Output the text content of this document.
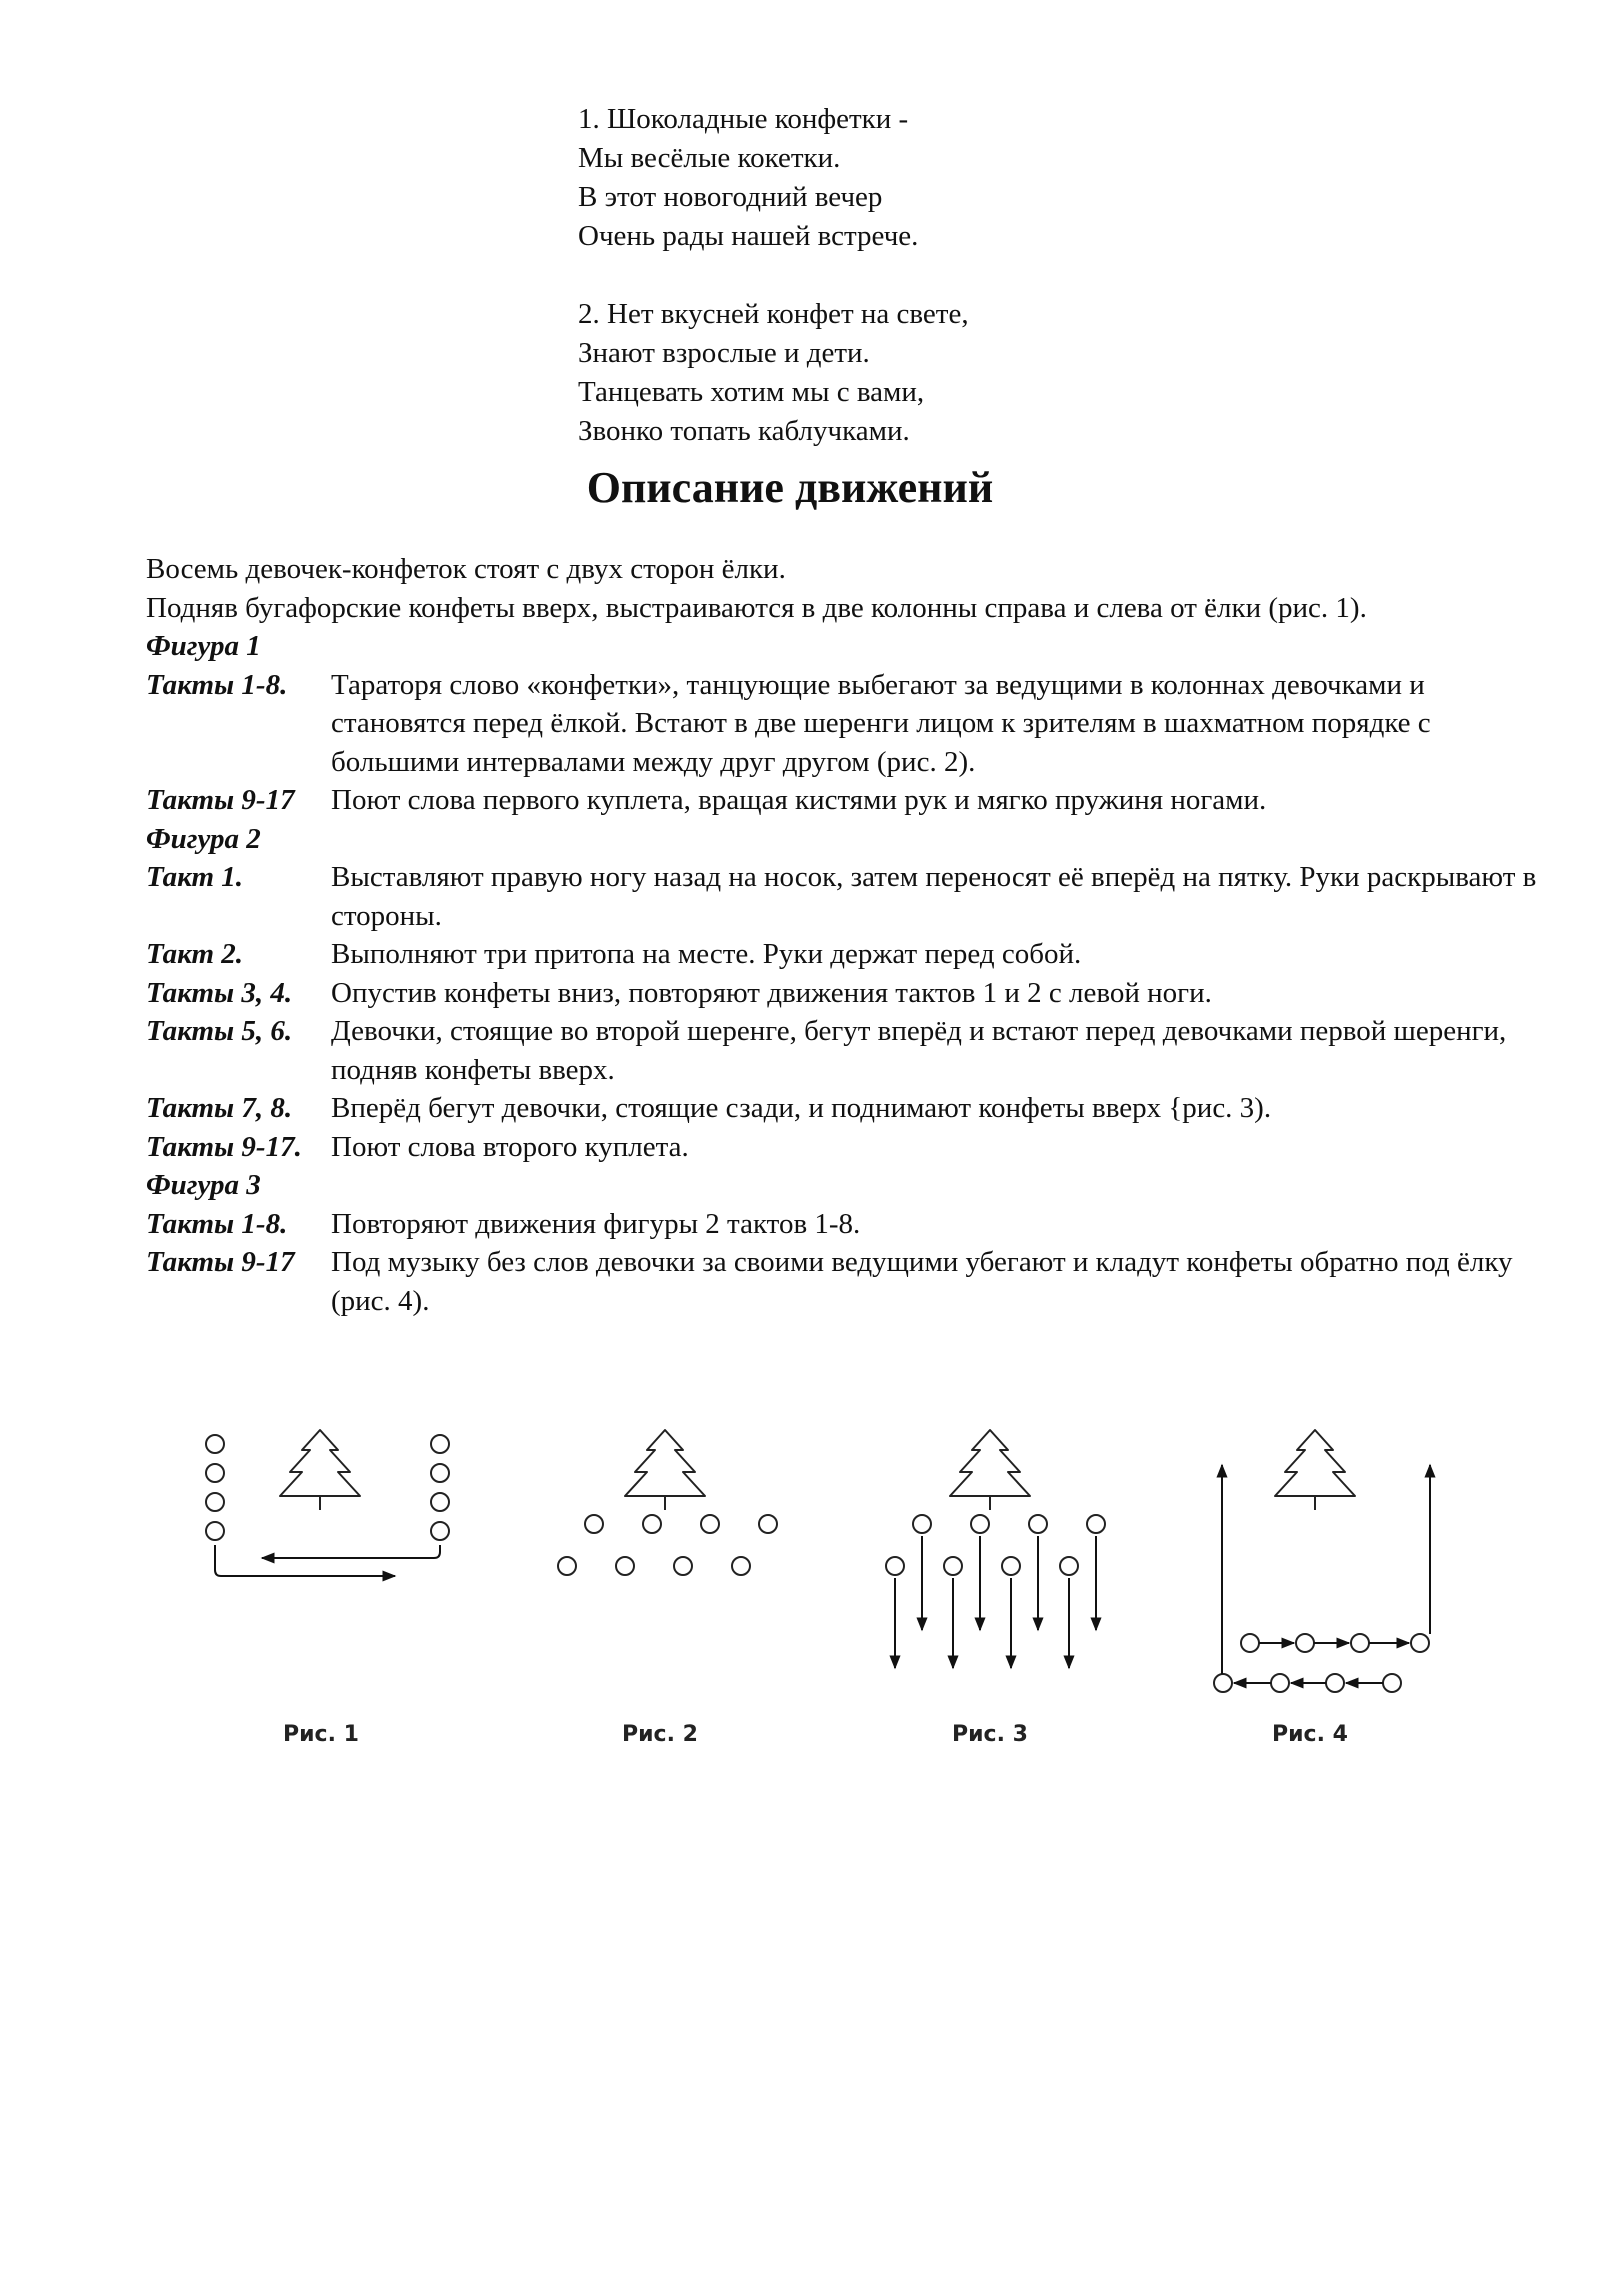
1. Шоколадные конфетки -
Мы весёлые кокетки.
В этот новогодний вечер
Очень рады нашей встрече.
2. Нет вкусней конфет на свете,
Знают взрослые и дети.
Танцевать хотим мы с вами,
Звонко топать каблучками.
Описание движений
Восемь девочек-конфеток стоят с двух сторон ёлки.
Подняв бугафорские конфеты вверх, выстраиваются в две колонны справа и слева от ёлки (рис. 1).
Фигура 1
Такты 1-8.	Тараторя слово «конфетки», танцующие выбегают за ведущими в колоннах девочками и становятся перед ёлкой. Встают в две шеренги лицом к зрителям в шахматном порядке с большими интервалами между друг другом (рис. 2).
Такты 9-17	Поют слова первого куплета, вращая кистями рук и мягко пружиня ногами.
Фигура 2
Такт 1.	Выставляют правую ногу назад на носок, затем переносят её вперёд на пятку. Руки раскрывают в стороны.
Такт 2.	Выполняют три притопа на месте. Руки держат перед собой.
Такты 3, 4.	Опустив конфеты вниз, повторяют движения тактов 1 и 2 с левой ноги.
Такты 5, 6.	Девочки, стоящие во второй шеренге, бегут вперёд и встают перед девочками первой шеренги, подняв конфеты вверх.
Такты 7, 8.	Вперёд бегут девочки, стоящие сзади, и поднимают конфеты вверх {рис. 3).
Такты 9-17.	Поют слова второго куплета.
Фигура 3
Такты 1-8.	Повторяют движения фигуры 2 тактов 1-8.
Такты 9-17	Под музыку без слов девочки за своими ведущими убегают и кладут конфеты обратно под ёлку (рис. 4).
Рис. 1	Рис. 2	Рис. 3	Рис. 4
